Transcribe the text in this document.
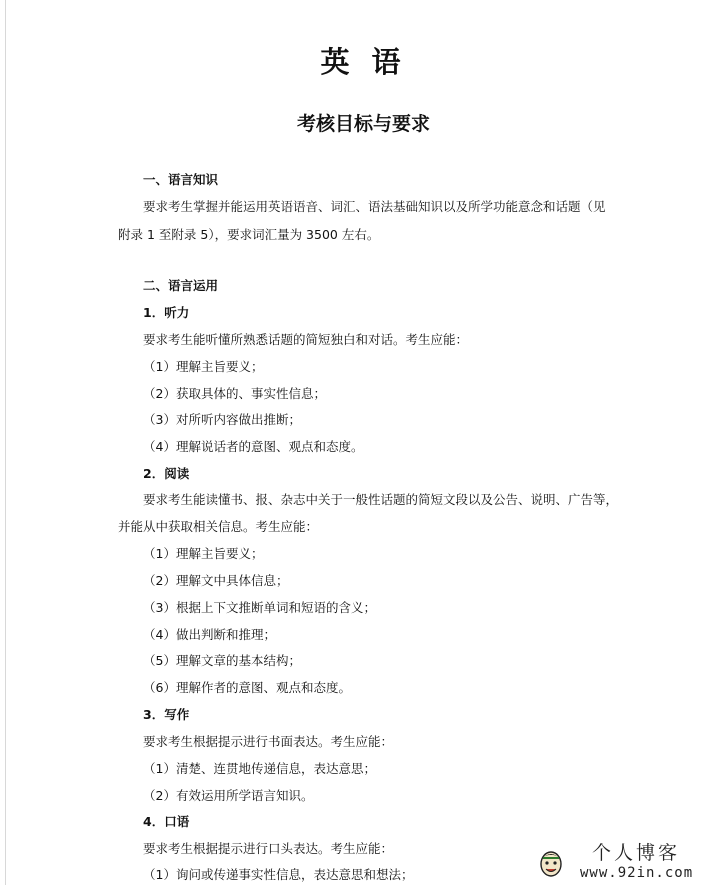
英 语
考核目标与要求
一、语言知识
要求考生掌握并能运用英语语音、词汇、语法基础知识以及所学功能意念和话题（见
附录 1 至附录 5），要求词汇量为 3500 左右。
二、语言运用
1．听力
要求考生能听懂所熟悉话题的简短独白和对话。考生应能：
（1）理解主旨要义；
（2）获取具体的、事实性信息；
（3）对所听内容做出推断；
（4）理解说话者的意图、观点和态度。
2．阅读
要求考生能读懂书、报、杂志中关于一般性话题的简短文段以及公告、说明、广告等，
并能从中获取相关信息。考生应能：
（1）理解主旨要义；
（2）理解文中具体信息；
（3）根据上下文推断单词和短语的含义；
（4）做出判断和推理；
（5）理解文章的基本结构；
（6）理解作者的意图、观点和态度。
3．写作
要求考生根据提示进行书面表达。考生应能：
（1）清楚、连贯地传递信息，表达意思；
（2）有效运用所学语言知识。
4．口语
要求考生根据提示进行口头表达。考生应能：
（1）询问或传递事实性信息，表达意思和想法；
个人博客
www.92in.com
